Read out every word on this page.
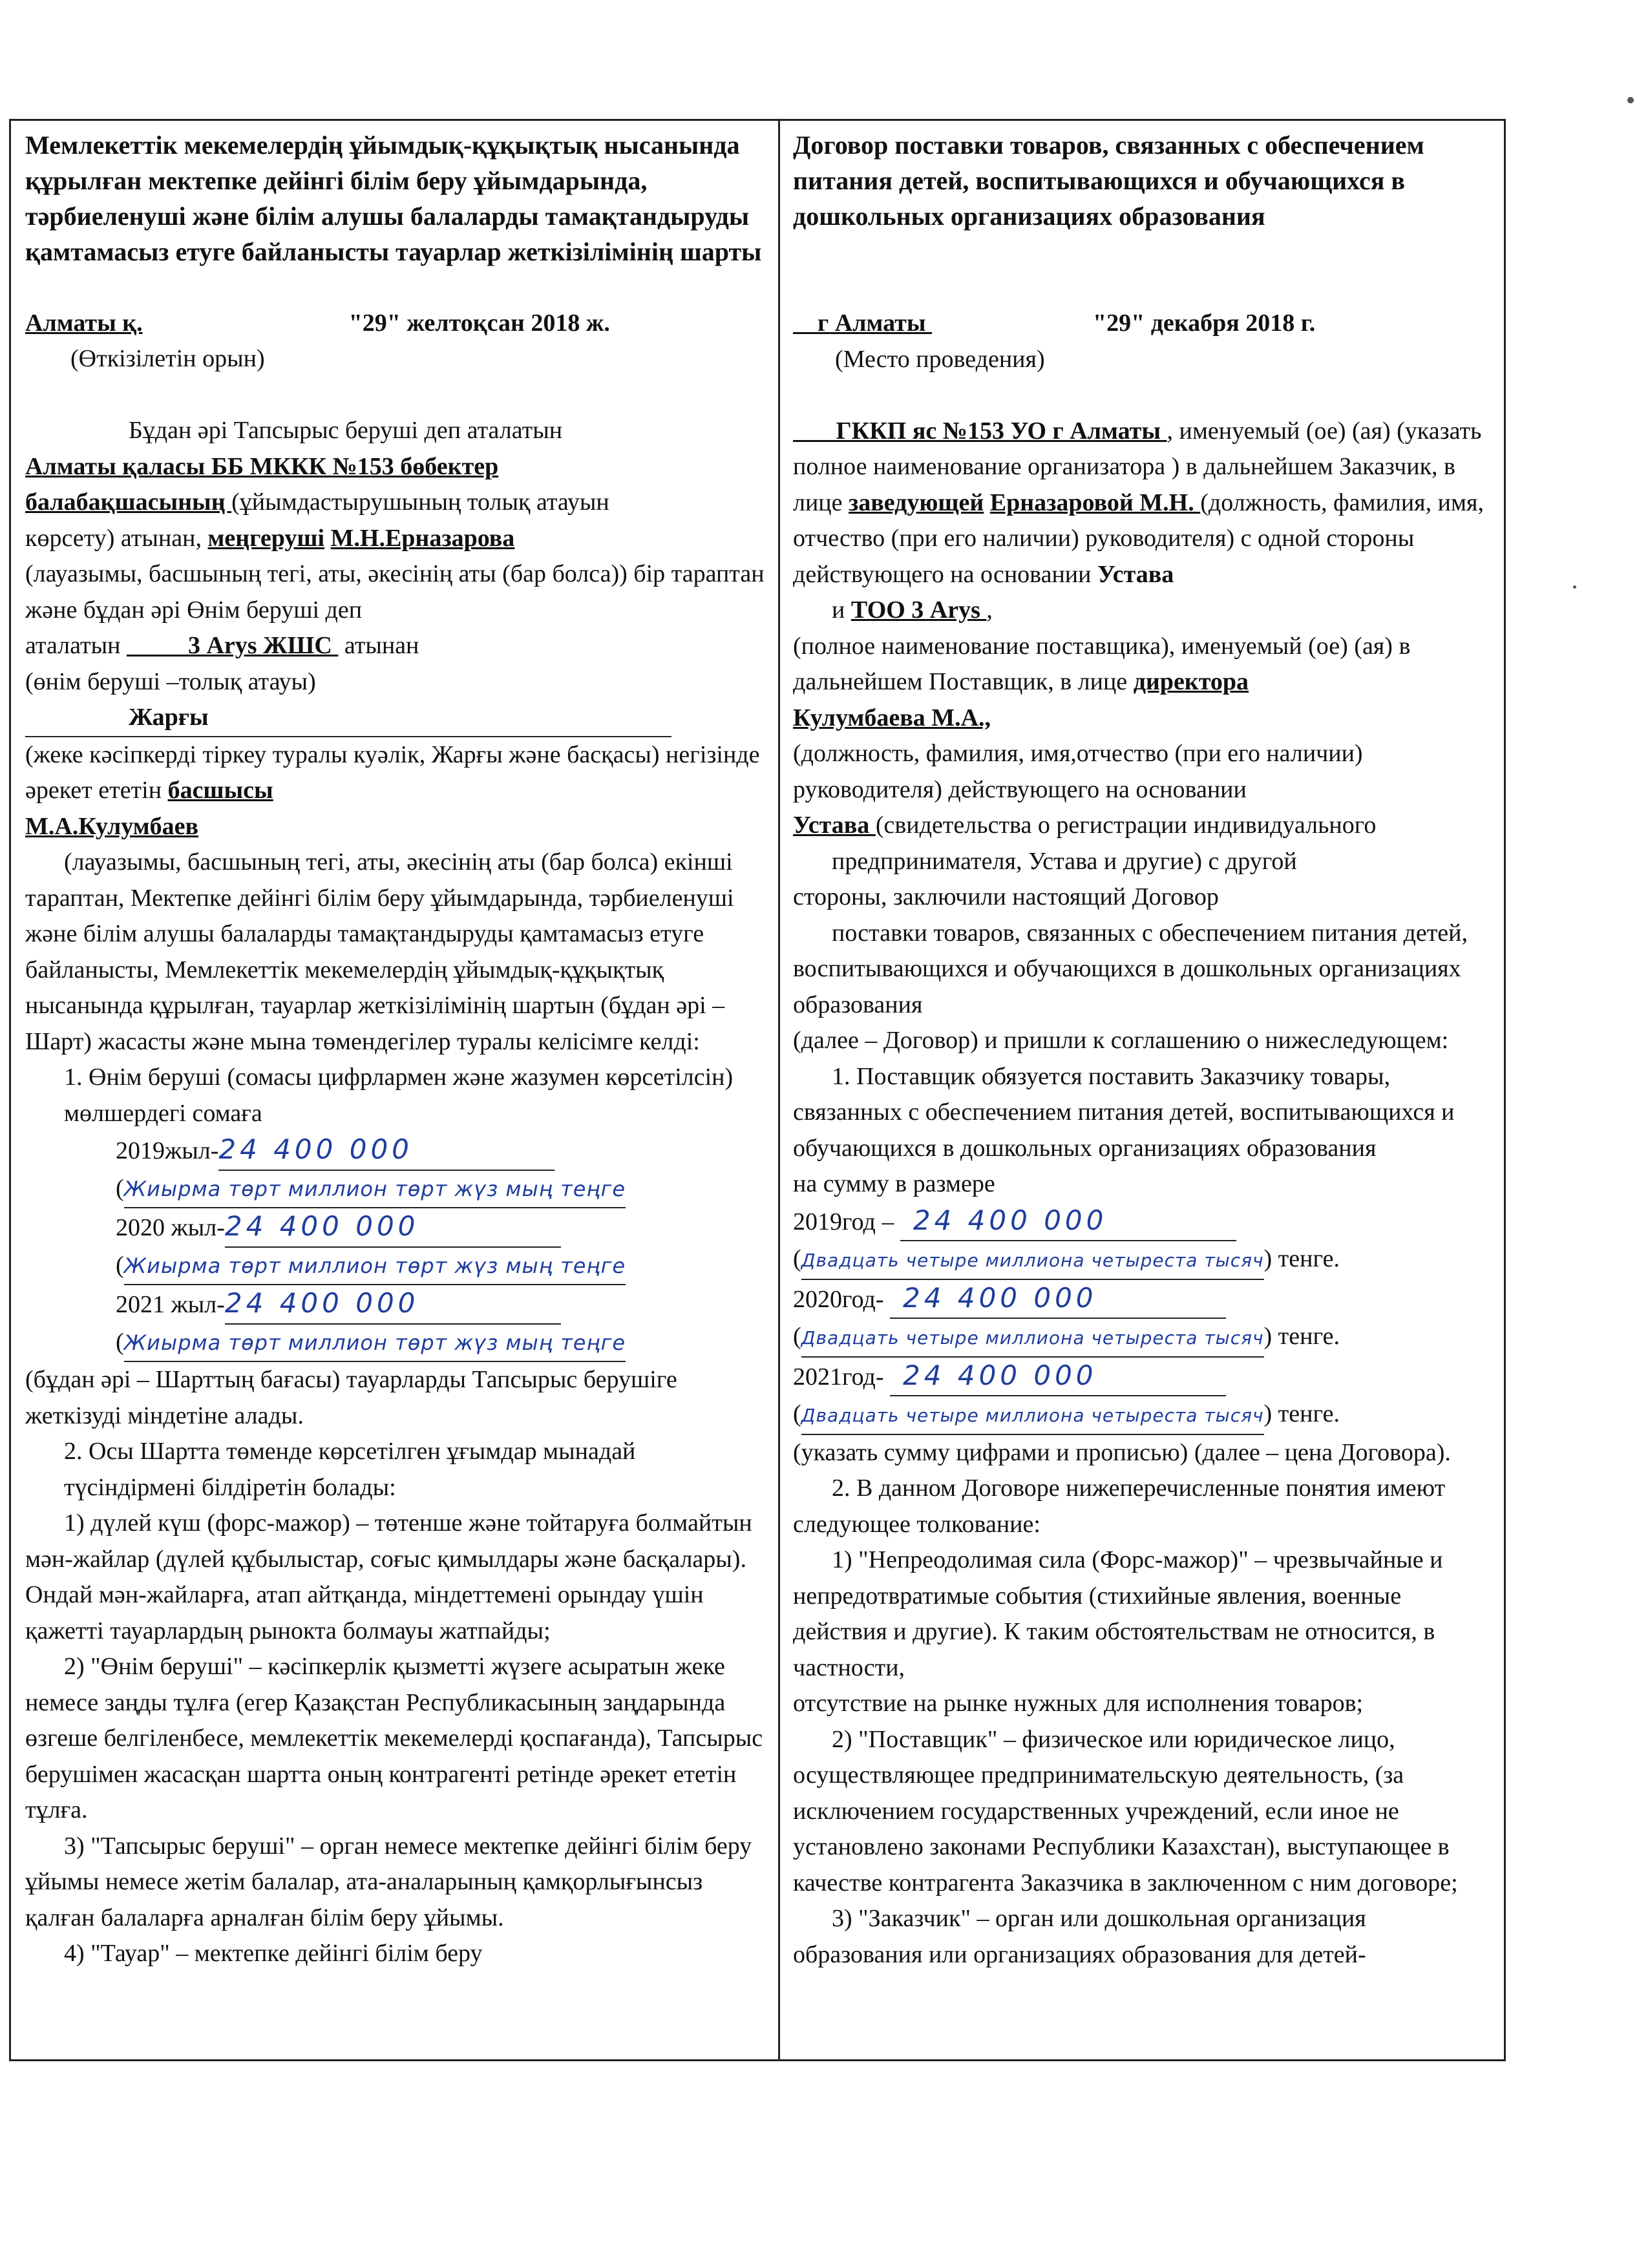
Мемлекеттік мекемелердің ұйымдық-құқықтық нысанында құрылған мектепке дейінгі білім беру ұйымдарында, тәрбиеленуші және білім алушы балаларды тамақтандыруды қамтамасыз етуге байланысты тауарлар жеткізілімінің шарты

Алматы қ.	"29" желтоқсан 2018 ж.

(Өткізілетін орын)

Бұдан әрі Тапсырыс беруші деп аталатын

Алматы қаласы ББ МККК №153 бөбектер

балабақшасының (ұйымдастырушының толық атауын

көрсету) атынан, меңгеруші М.Н.Ерназарова

(лауазымы, басшының тегі, аты, әкесінің аты (бар болса)) бір тараптан және бұдан әрі Өнім беруші деп

аталатын	3 Arys ЖШС атынан

(өнім беруші –толық атауы)

Жарғы

(жеке кәсіпкерді тіркеу туралы куәлік, Жарғы және басқасы) негізінде әрекет ететін басшысы

М.А.Кулумбаев

(лауазымы, басшының тегі, аты, әкесінің аты (бар болса) екінші тараптан, Мектепке дейінгі білім беру ұйымдарында, тәрбиеленуші және білім алушы балаларды тамақтандыруды қамтамасыз етуге байланысты, Мемлекеттік мекемелердің ұйымдық-құқықтық нысанында құрылған, тауарлар жеткізілімінің шартын (бұдан әрі – Шарт) жасасты және мына төмендегілер туралы келісімге келді:

1. Өнім беруші (сомасы цифрлармен және жазумен көрсетілсін) мөлшердегі сомаға

2019жыл-24 400 000

(Жиырма төрт миллион төрт жүз мың теңге

2020 жыл-24 400 000

(Жиырма төрт миллион төрт жүз мың теңге

2021 жыл-24 400 000

(Жиырма төрт миллион төрт жүз мың теңге

(бұдан әрі – Шарттың бағасы) тауарларды Тапсырыс берушіге жеткізуді міндетіне алады.

2. Осы Шартта төменде көрсетілген ұғымдар мынадай түсіндірмені білдіретін болады:

1) дүлей күш (форс-мажор) – төтенше және тойтаруға болмайтын мән-жайлар (дүлей құбылыстар, соғыс қимылдары және басқалары). Ондай мән-жайларға, атап айтқанда, міндеттемені орындау үшін қажетті тауарлардың рынокта болмауы жатпайды;

2) "Өнім беруші" – кәсіпкерлік қызметті жүзеге асыратын жеке немесе заңды тұлға (егер Қазақстан Республикасының заңдарында өзгеше белгіленбесе, мемлекеттік мекемелерді қоспағанда), Тапсырыс берушімен жасасқан шартта оның контрагенті ретінде әрекет ететін тұлға.

3) "Тапсырыс беруші" – орган немесе мектепке дейінгі білім беру ұйымы немесе жетім балалар, ата-аналарының қамқорлығынсыз қалған балаларға арналған білім беру ұйымы.

4) "Тауар" – мектепке дейінгі білім беру

Договор поставки товаров, связанных с обеспечением питания детей, воспитывающихся и обучающихся в дошкольных организациях образования

г Алматы	"29" декабря 2018 г.

(Место проведения)

ГККП яс №153 УО г Алматы , именуемый (ое) (ая) (указать полное наименование организатора ) в дальнейшем Заказчик, в лице заведующей Ерназаровой М.Н. (должность, фамилия, имя, отчество (при его наличии) руководителя) с одной стороны действующего на основании Устава

и ТОО 3 Arys ,

(полное наименование поставщика), именуемый (ое) (ая) в дальнейшем Поставщик, в лице директора

Кулумбаева М.А.,

(должность, фамилия, имя,отчество (при его наличии) руководителя) действующего на основании

Устава (свидетельства о регистрации индивидуального

предпринимателя, Устава и другие) с другой

стороны, заключили настоящий Договор

поставки товаров, связанных с обеспечением питания детей, воспитывающихся и обучающихся в дошкольных организациях образования

(далее – Договор) и пришли к соглашению о нижеследующем:

1. Поставщик обязуется поставить Заказчику товары, связанных с обеспечением питания детей, воспитывающихся и обучающихся в дошкольных организациях образования

на сумму в размере

2019год – 24 400 000

(Двадцать четыре миллиона четыреста тысяч) тенге.

2020год- 24 400 000

(Двадцать четыре миллиона четыреста тысяч) тенге.

2021год- 24 400 000

(Двадцать четыре миллиона четыреста тысяч) тенге.

(указать сумму цифрами и прописью) (далее – цена Договора).

2. В данном Договоре нижеперечисленные понятия имеют следующее толкование:

1) "Непреодолимая сила (Форс-мажор)" – чрезвычайные и непредотвратимые события (стихийные явления, военные действия и другие). К таким обстоятельствам не относится, в частности,

отсутствие на рынке нужных для исполнения товаров;

2) "Поставщик" – физическое или юридическое лицо, осуществляющее предпринимательскую деятельность, (за исключением государственных учреждений, если иное не установлено законами Республики Казахстан), выступающее в качестве контрагента Заказчика в заключенном с ним договоре;

3) "Заказчик" – орган или дошкольная организация образования или организациях образования для детей-
